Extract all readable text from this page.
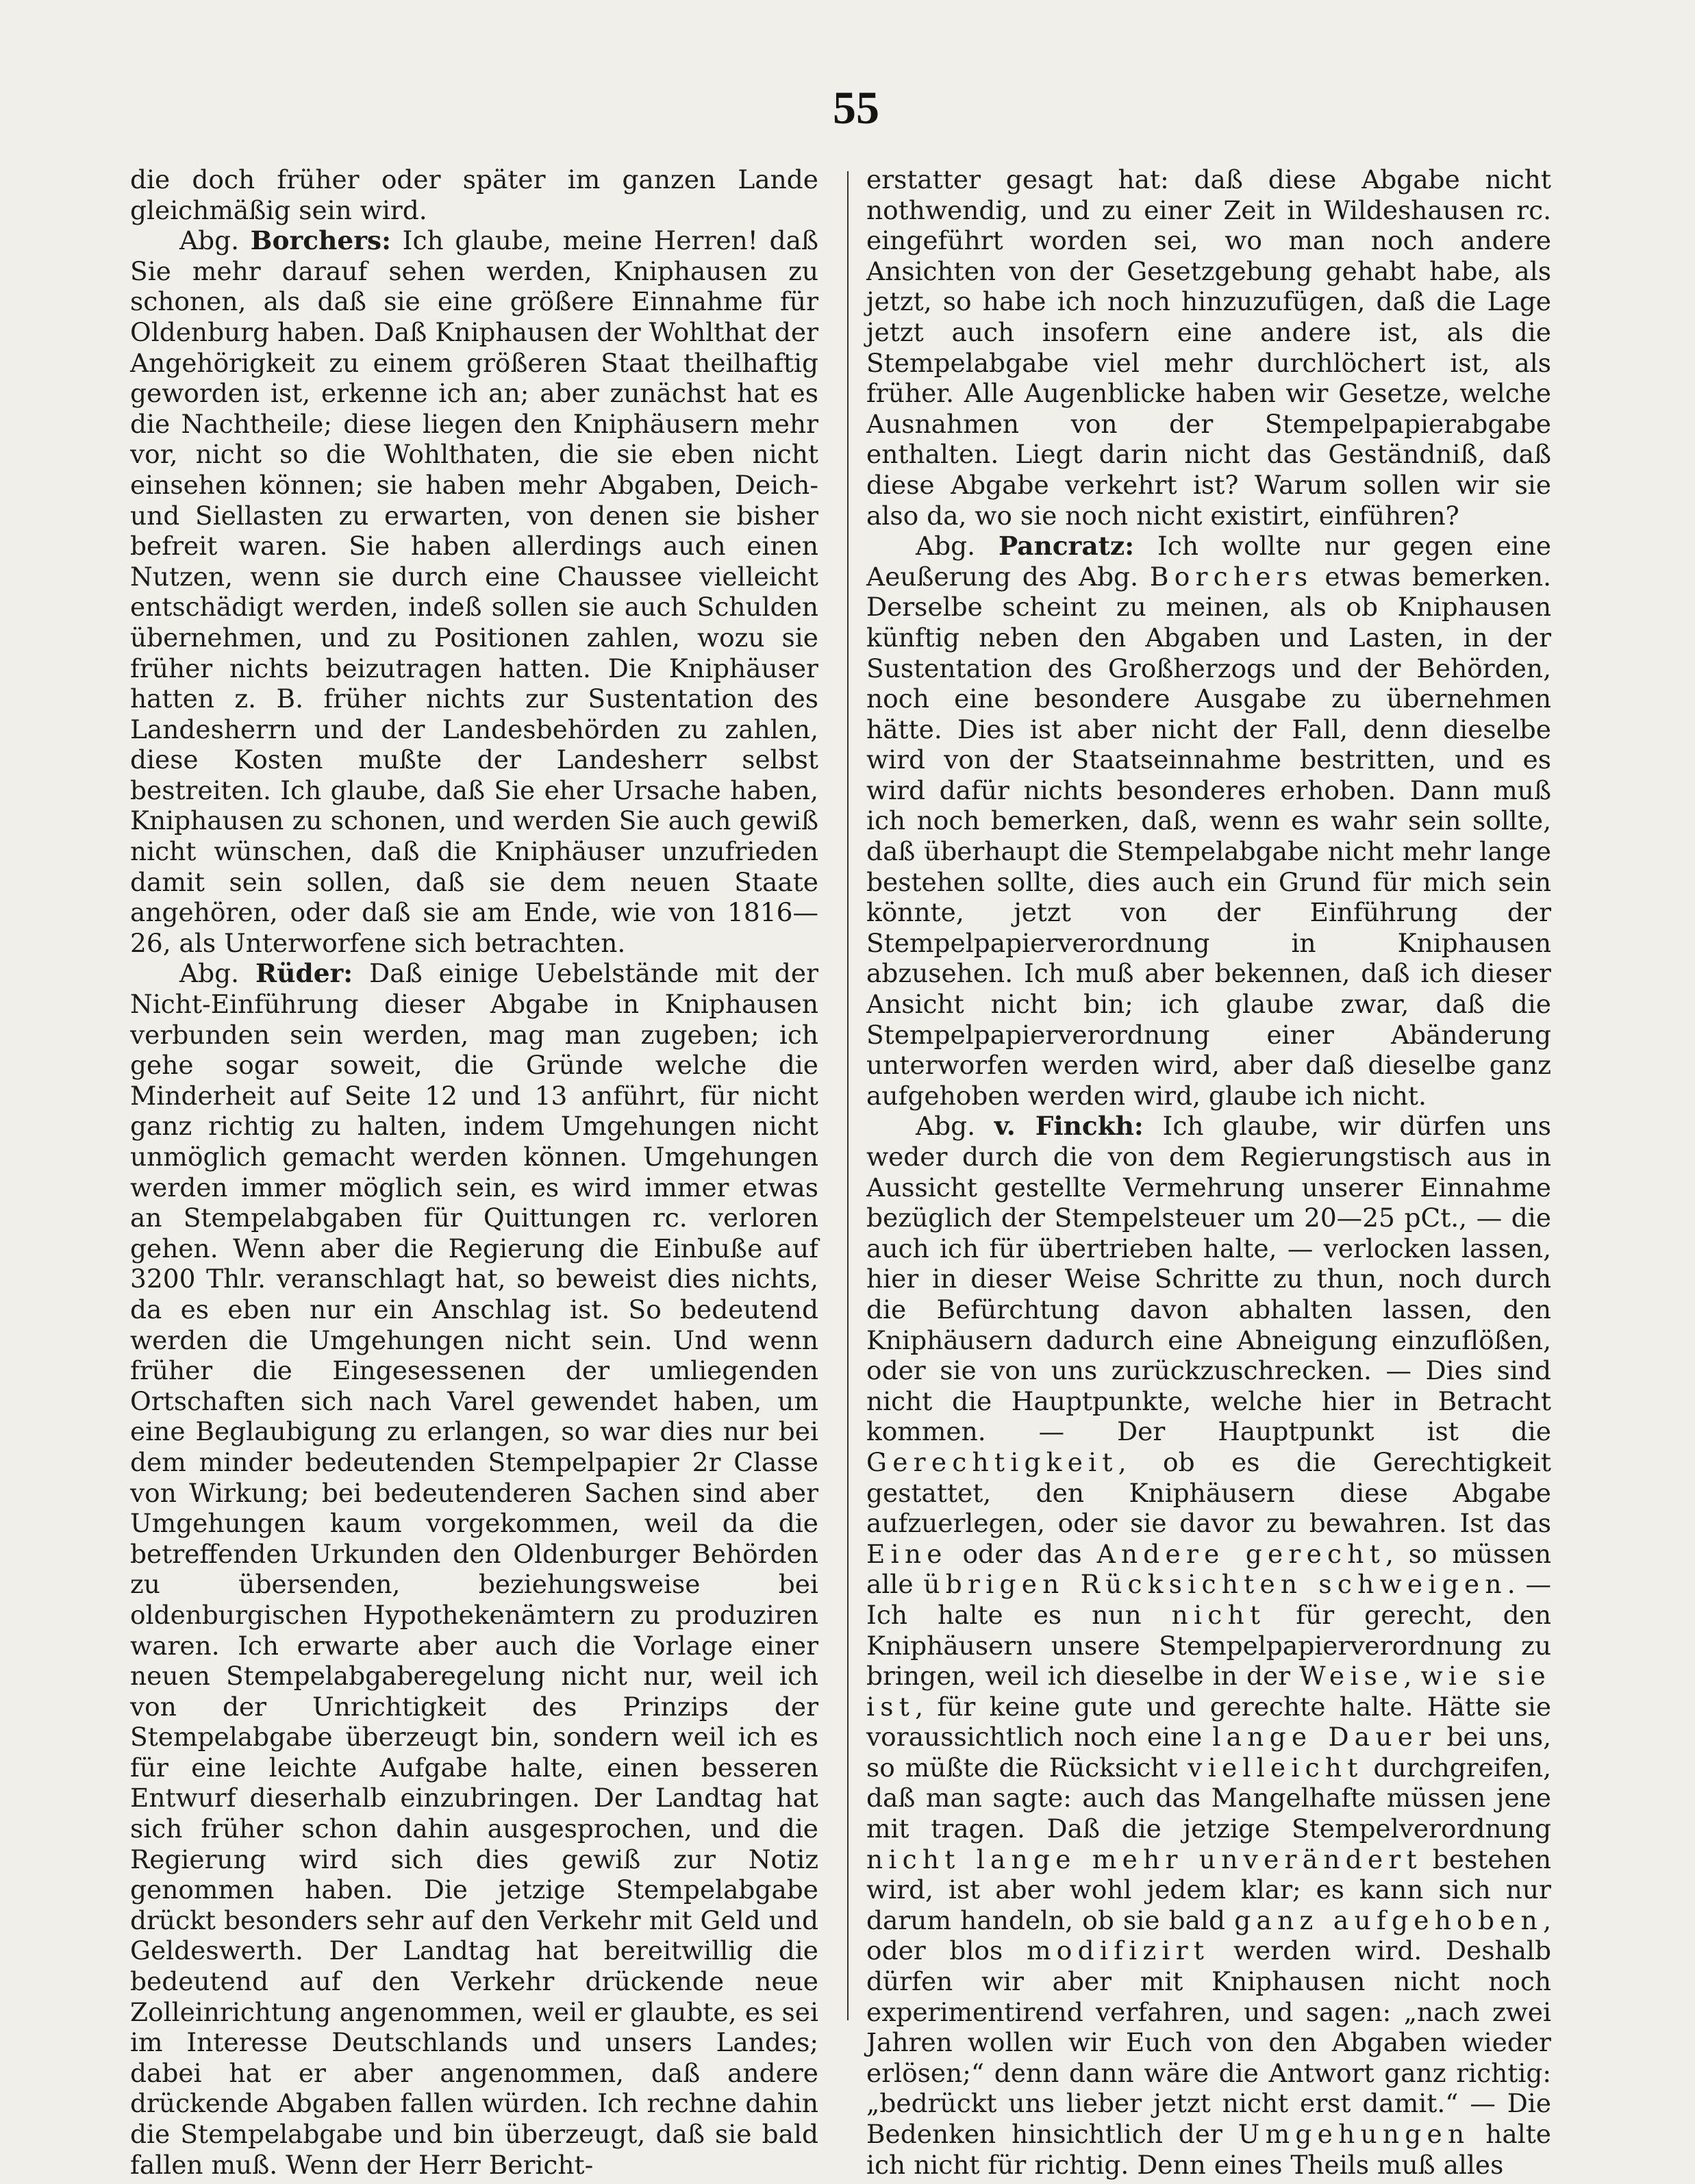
55

die doch früher oder später im ganzen Lande gleichmäßig sein wird.

Abg. Borchers: Ich glaube, meine Herren! daß Sie mehr darauf sehen werden, Kniphausen zu schonen, als daß sie eine größere Einnahme für Oldenburg haben. Daß Kniphausen der Wohlthat der Angehörigkeit zu einem größeren Staat theilhaftig geworden ist, erkenne ich an; aber zunächst hat es die Nachtheile; diese liegen den Kniphäusern mehr vor, nicht so die Wohlthaten, die sie eben nicht einsehen können; sie haben mehr Abgaben, Deich- und Siellasten zu erwarten, von denen sie bisher befreit waren. Sie haben allerdings auch einen Nutzen, wenn sie durch eine Chaussee vielleicht entschädigt werden, indeß sollen sie auch Schulden übernehmen, und zu Positionen zahlen, wozu sie früher nichts beizutragen hatten. Die Kniphäuser hatten z. B. früher nichts zur Sustentation des Landesherrn und der Landesbehörden zu zahlen, diese Kosten mußte der Landesherr selbst bestreiten. Ich glaube, daß Sie eher Ursache haben, Kniphausen zu schonen, und werden Sie auch gewiß nicht wünschen, daß die Kniphäuser unzufrieden damit sein sollen, daß sie dem neuen Staate angehören, oder daß sie am Ende, wie von 1816—26, als Unterworfene sich betrachten.

Abg. Rüder: Daß einige Uebelstände mit der Nicht-Einführung dieser Abgabe in Kniphausen verbunden sein werden, mag man zugeben; ich gehe sogar soweit, die Gründe welche die Minderheit auf Seite 12 und 13 anführt, für nicht ganz richtig zu halten, indem Umgehungen nicht unmöglich gemacht werden können. Umgehungen werden immer möglich sein, es wird immer etwas an Stempelabgaben für Quittungen rc. verloren gehen. Wenn aber die Regierung die Einbuße auf 3200 Thlr. veranschlagt hat, so beweist dies nichts, da es eben nur ein Anschlag ist. So bedeutend werden die Umgehungen nicht sein. Und wenn früher die Eingesessenen der umliegenden Ortschaften sich nach Varel gewendet haben, um eine Beglaubigung zu erlangen, so war dies nur bei dem minder bedeutenden Stempelpapier 2r Classe von Wirkung; bei bedeutenderen Sachen sind aber Umgehungen kaum vorgekommen, weil da die betreffenden Urkunden den Oldenburger Behörden zu übersenden, beziehungsweise bei oldenburgischen Hypothekenämtern zu produziren waren. Ich erwarte aber auch die Vorlage einer neuen Stempelabgaberegelung nicht nur, weil ich von der Unrichtigkeit des Prinzips der Stempelabgabe überzeugt bin, sondern weil ich es für eine leichte Aufgabe halte, einen besseren Entwurf dieserhalb einzubringen. Der Landtag hat sich früher schon dahin ausgesprochen, und die Regierung wird sich dies gewiß zur Notiz genommen haben. Die jetzige Stempelabgabe drückt besonders sehr auf den Verkehr mit Geld und Geldeswerth. Der Landtag hat bereitwillig die bedeutend auf den Verkehr drückende neue Zolleinrichtung angenommen, weil er glaubte, es sei im Interesse Deutschlands und unsers Landes; dabei hat er aber angenommen, daß andere drückende Abgaben fallen würden. Ich rechne dahin die Stempelabgabe und bin überzeugt, daß sie bald fallen muß. Wenn der Herr Bericht-

erstatter gesagt hat: daß diese Abgabe nicht nothwendig, und zu einer Zeit in Wildeshausen rc. eingeführt worden sei, wo man noch andere Ansichten von der Gesetzgebung gehabt habe, als jetzt, so habe ich noch hinzuzufügen, daß die Lage jetzt auch insofern eine andere ist, als die Stempelabgabe viel mehr durchlöchert ist, als früher. Alle Augenblicke haben wir Gesetze, welche Ausnahmen von der Stempelpapierabgabe enthalten. Liegt darin nicht das Geständniß, daß diese Abgabe verkehrt ist? Warum sollen wir sie also da, wo sie noch nicht existirt, einführen?

Abg. Pancratz: Ich wollte nur gegen eine Aeußerung des Abg. Borchers etwas bemerken. Derselbe scheint zu meinen, als ob Kniphausen künftig neben den Abgaben und Lasten, in der Sustentation des Großherzogs und der Behörden, noch eine besondere Ausgabe zu übernehmen hätte. Dies ist aber nicht der Fall, denn dieselbe wird von der Staatseinnahme bestritten, und es wird dafür nichts besonderes erhoben. Dann muß ich noch bemerken, daß, wenn es wahr sein sollte, daß überhaupt die Stempelabgabe nicht mehr lange bestehen sollte, dies auch ein Grund für mich sein könnte, jetzt von der Einführung der Stempelpapierverordnung in Kniphausen abzusehen. Ich muß aber bekennen, daß ich dieser Ansicht nicht bin; ich glaube zwar, daß die Stempelpapierverordnung einer Abänderung unterworfen werden wird, aber daß dieselbe ganz aufgehoben werden wird, glaube ich nicht.

Abg. v. Finckh: Ich glaube, wir dürfen uns weder durch die von dem Regierungstisch aus in Aussicht gestellte Vermehrung unserer Einnahme bezüglich der Stempelsteuer um 20—25 pCt., — die auch ich für übertrieben halte, — verlocken lassen, hier in dieser Weise Schritte zu thun, noch durch die Befürchtung davon abhalten lassen, den Kniphäusern dadurch eine Abneigung einzuflößen, oder sie von uns zurückzuschrecken. — Dies sind nicht die Hauptpunkte, welche hier in Betracht kommen. — Der Hauptpunkt ist die Gerechtigkeit, ob es die Gerechtigkeit gestattet, den Kniphäusern diese Abgabe aufzuerlegen, oder sie davor zu bewahren. Ist das Eine oder das Andere gerecht, so müssen alle übrigen Rücksichten schweigen. — Ich halte es nun nicht für gerecht, den Kniphäusern unsere Stempelpapierverordnung zu bringen, weil ich dieselbe in der Weise, wie sie ist, für keine gute und gerechte halte. Hätte sie voraussichtlich noch eine lange Dauer bei uns, so müßte die Rücksicht vielleicht durchgreifen, daß man sagte: auch das Mangelhafte müssen jene mit tragen. Daß die jetzige Stempelverordnung nicht lange mehr unverändert bestehen wird, ist aber wohl jedem klar; es kann sich nur darum handeln, ob sie bald ganz aufgehoben, oder blos modifizirt werden wird. Deshalb dürfen wir aber mit Kniphausen nicht noch experimentirend verfahren, und sagen: „nach zwei Jahren wollen wir Euch von den Abgaben wieder erlösen;“ denn dann wäre die Antwort ganz richtig: „bedrückt uns lieber jetzt nicht erst damit.“ — Die Bedenken hinsichtlich der Umgehungen halte ich nicht für richtig. Denn eines Theils muß alles
